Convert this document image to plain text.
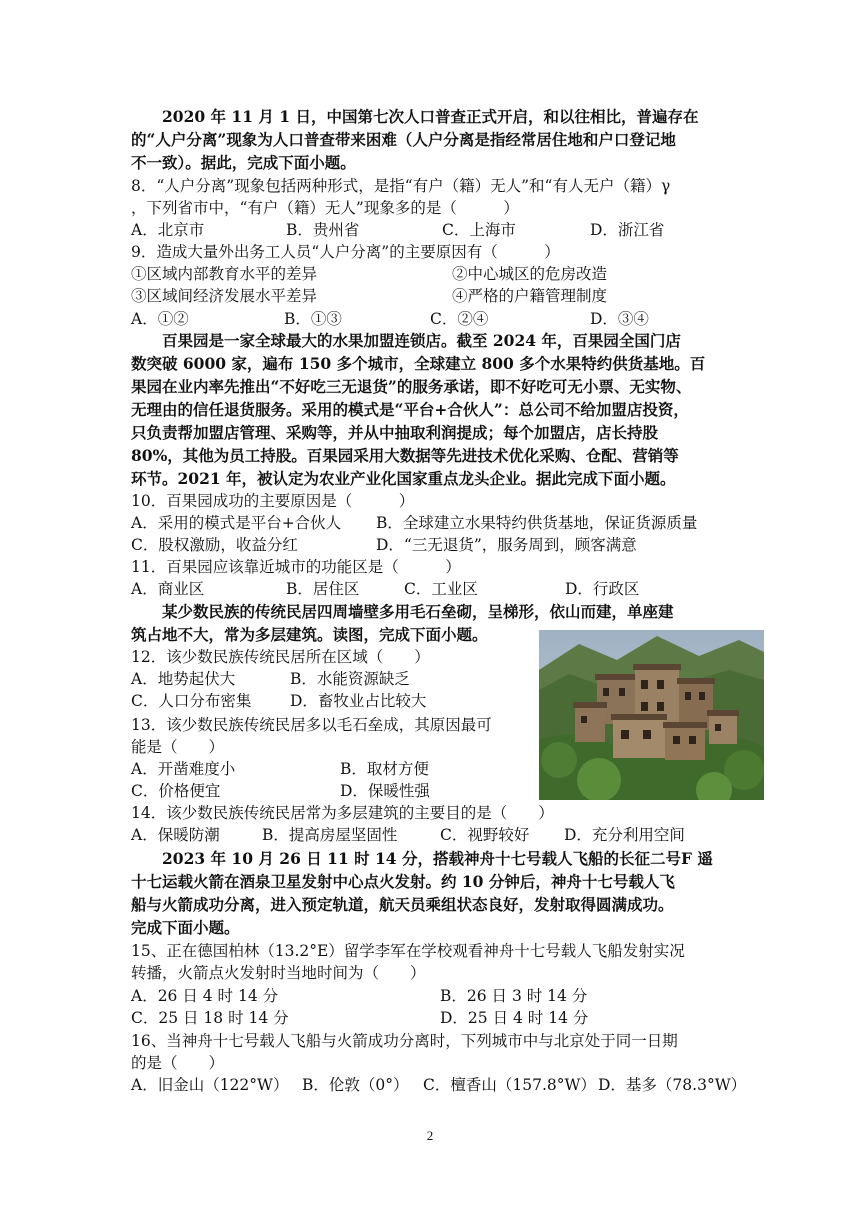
2020 年 11 月 1 日，中国第七次人口普查正式开启，和以往相比，普遍存在
的“人户分离”现象为人口普查带来困难（人户分离是指经常居住地和户口登记地
不一致）。据此，完成下面小题。
8．“人户分离”现象包括两种形式，是指“有户（籍）无人”和“有人无户（籍）γ
，下列省市中，“有户（籍）无人”现象多的是（　　　）
A．北京市	B．贵州省	C．上海市	D．浙江省
9．造成大量外出务工人员“人户分离”的主要原因有（　　　）
①区域内部教育水平的差异	②中心城区的危房改造
③区域间经济发展水平差异	④严格的户籍管理制度
A．①②	B．①③	C．②④	D．③④
百果园是一家全球最大的水果加盟连锁店。截至 2024 年，百果园全国门店
数突破 6000 家，遍布 150 多个城市，全球建立 800 多个水果特约供货基地。百
果园在业内率先推出“不好吃三无退货”的服务承诺，即不好吃可无小票、无实物、
无理由的信任退货服务。采用的模式是“平台+合伙人”：总公司不给加盟店投资，
只负责帮加盟店管理、采购等，并从中抽取利润提成；每个加盟店，店长持股
80%，其他为员工持股。百果园采用大数据等先进技术优化采购、仓配、营销等
环节。2021 年，被认定为农业产业化国家重点龙头企业。据此完成下面小题。
10．百果园成功的主要原因是（　　　）
A．采用的模式是平台+合伙人 B．全球建立水果特约供货基地，保证货源质量
C．股权激励，收益分红	D．“三无退货”，服务周到，顾客满意
11．百果园应该靠近城市的功能区是（　　　）
A．商业区	B．居住区	C．工业区	D．行政区
某少数民族的传统民居四周墙壁多用毛石垒砌，呈梯形，依山而建，单座建
筑占地不大，常为多层建筑。读图，完成下面小题。
12．该少数民族传统民居所在区域（　　）
A．地势起伏大	B．水能资源缺乏
C．人口分布密集 D．畜牧业占比较大
13．该少数民族传统民居多以毛石垒成，其原因最可
能是（　　）
A．开凿难度小	B．取材方便
C．价格便宜	D．保暖性强
14．该少数民族传统民居常为多层建筑的主要目的是（　　）
A．保暖防潮	B．提高房屋坚固性	C．视野较好 D．充分利用空间
2023 年 10 月 26 日 11 时 14 分，搭载神舟十七号载人飞船的长征二号F 遥
十七运载火箭在酒泉卫星发射中心点火发射。约 10 分钟后，神舟十七号载人飞
船与火箭成功分离，进入预定轨道，航天员乘组状态良好，发射取得圆满成功。
完成下面小题。
15、正在德国柏林（13.2°E）留学李军在学校观看神舟十七号载人飞船发射实况
转播，火箭点火发射时当地时间为（　　）
A．26 日 4 时 14 分	B．26 日 3 时 14 分
C．25 日 18 时 14 分	D．25 日 4 时 14 分
16、当神舟十七号载人飞船与火箭成功分离时，下列城市中与北京处于同一日期
的是（　　）
A．旧金山（122°W） B．伦敦（0°） C．檀香山（157.8°W） D．基多（78.3°W）
2
